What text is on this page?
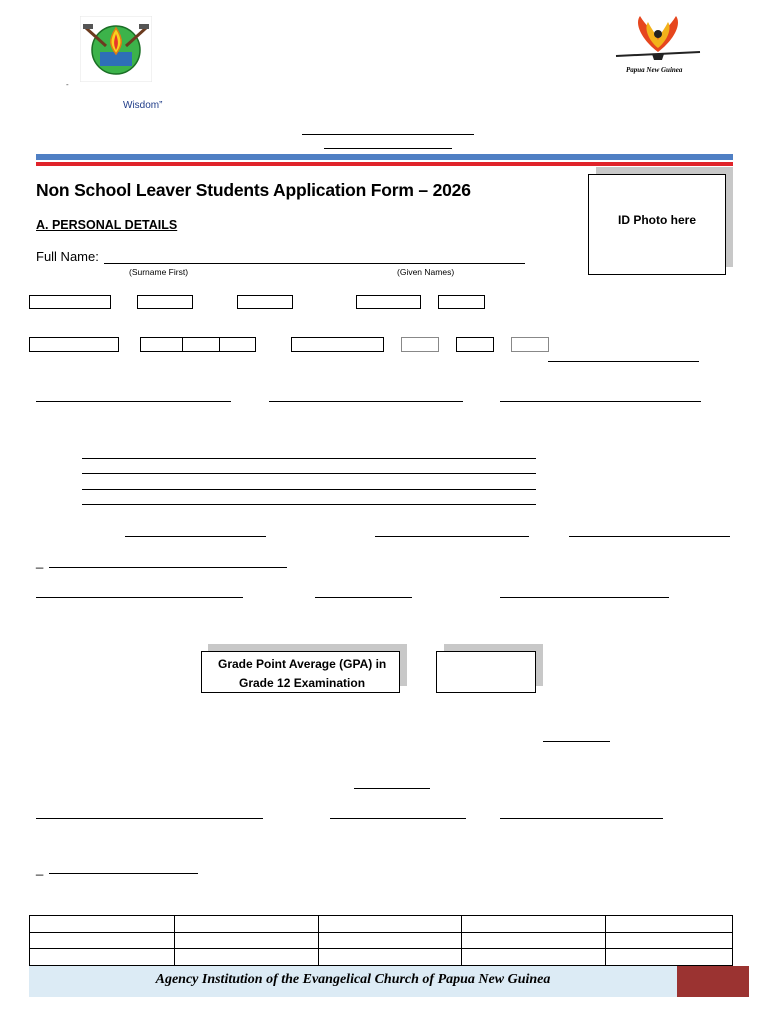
Papua New Guinea
-
Wisdom”
Non School Leaver Students Application Form – 2026
ID Photo here
A. PERSONAL DETAILS
Full Name:
(Surname First)	(Given Names)
_
Grade Point Average (GPA) in
Grade 12 Examination
_
Agency Institution of the Evangelical Church of Papua New Guinea
